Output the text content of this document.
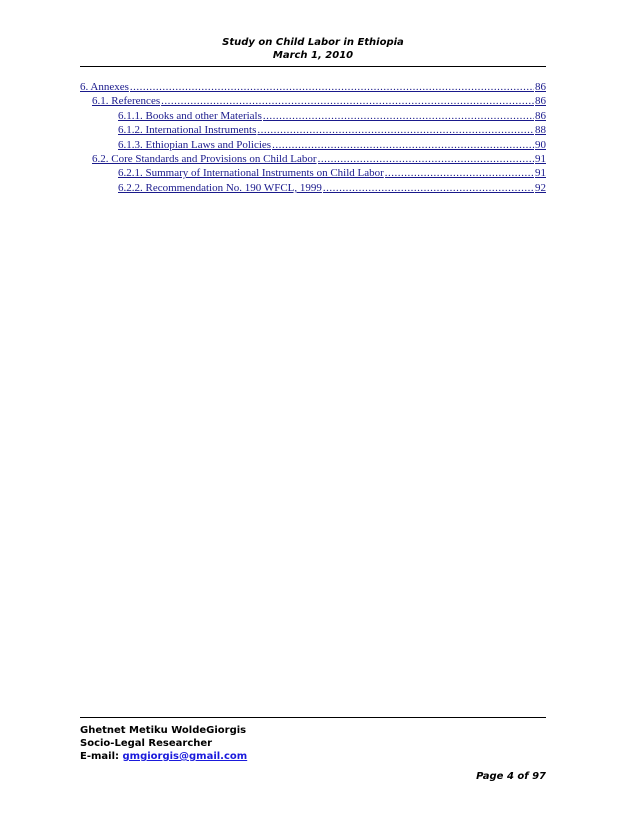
Study on Child Labor in Ethiopia
March 1, 2010
6. Annexes .....	86
6.1. References .....	86
6.1.1. Books and other Materials .....	86
6.1.2. International Instruments .....	88
6.1.3. Ethiopian Laws and Policies .....	90
6.2. Core Standards and Provisions on Child Labor .....	91
6.2.1. Summary of International Instruments on Child Labor .....	91
6.2.2. Recommendation No. 190 WFCL, 1999 .....	92
Ghetnet Metiku WoldeGiorgis
Socio-Legal Researcher
E-mail: gmgiorgis@gmail.com
Page 4 of 97
